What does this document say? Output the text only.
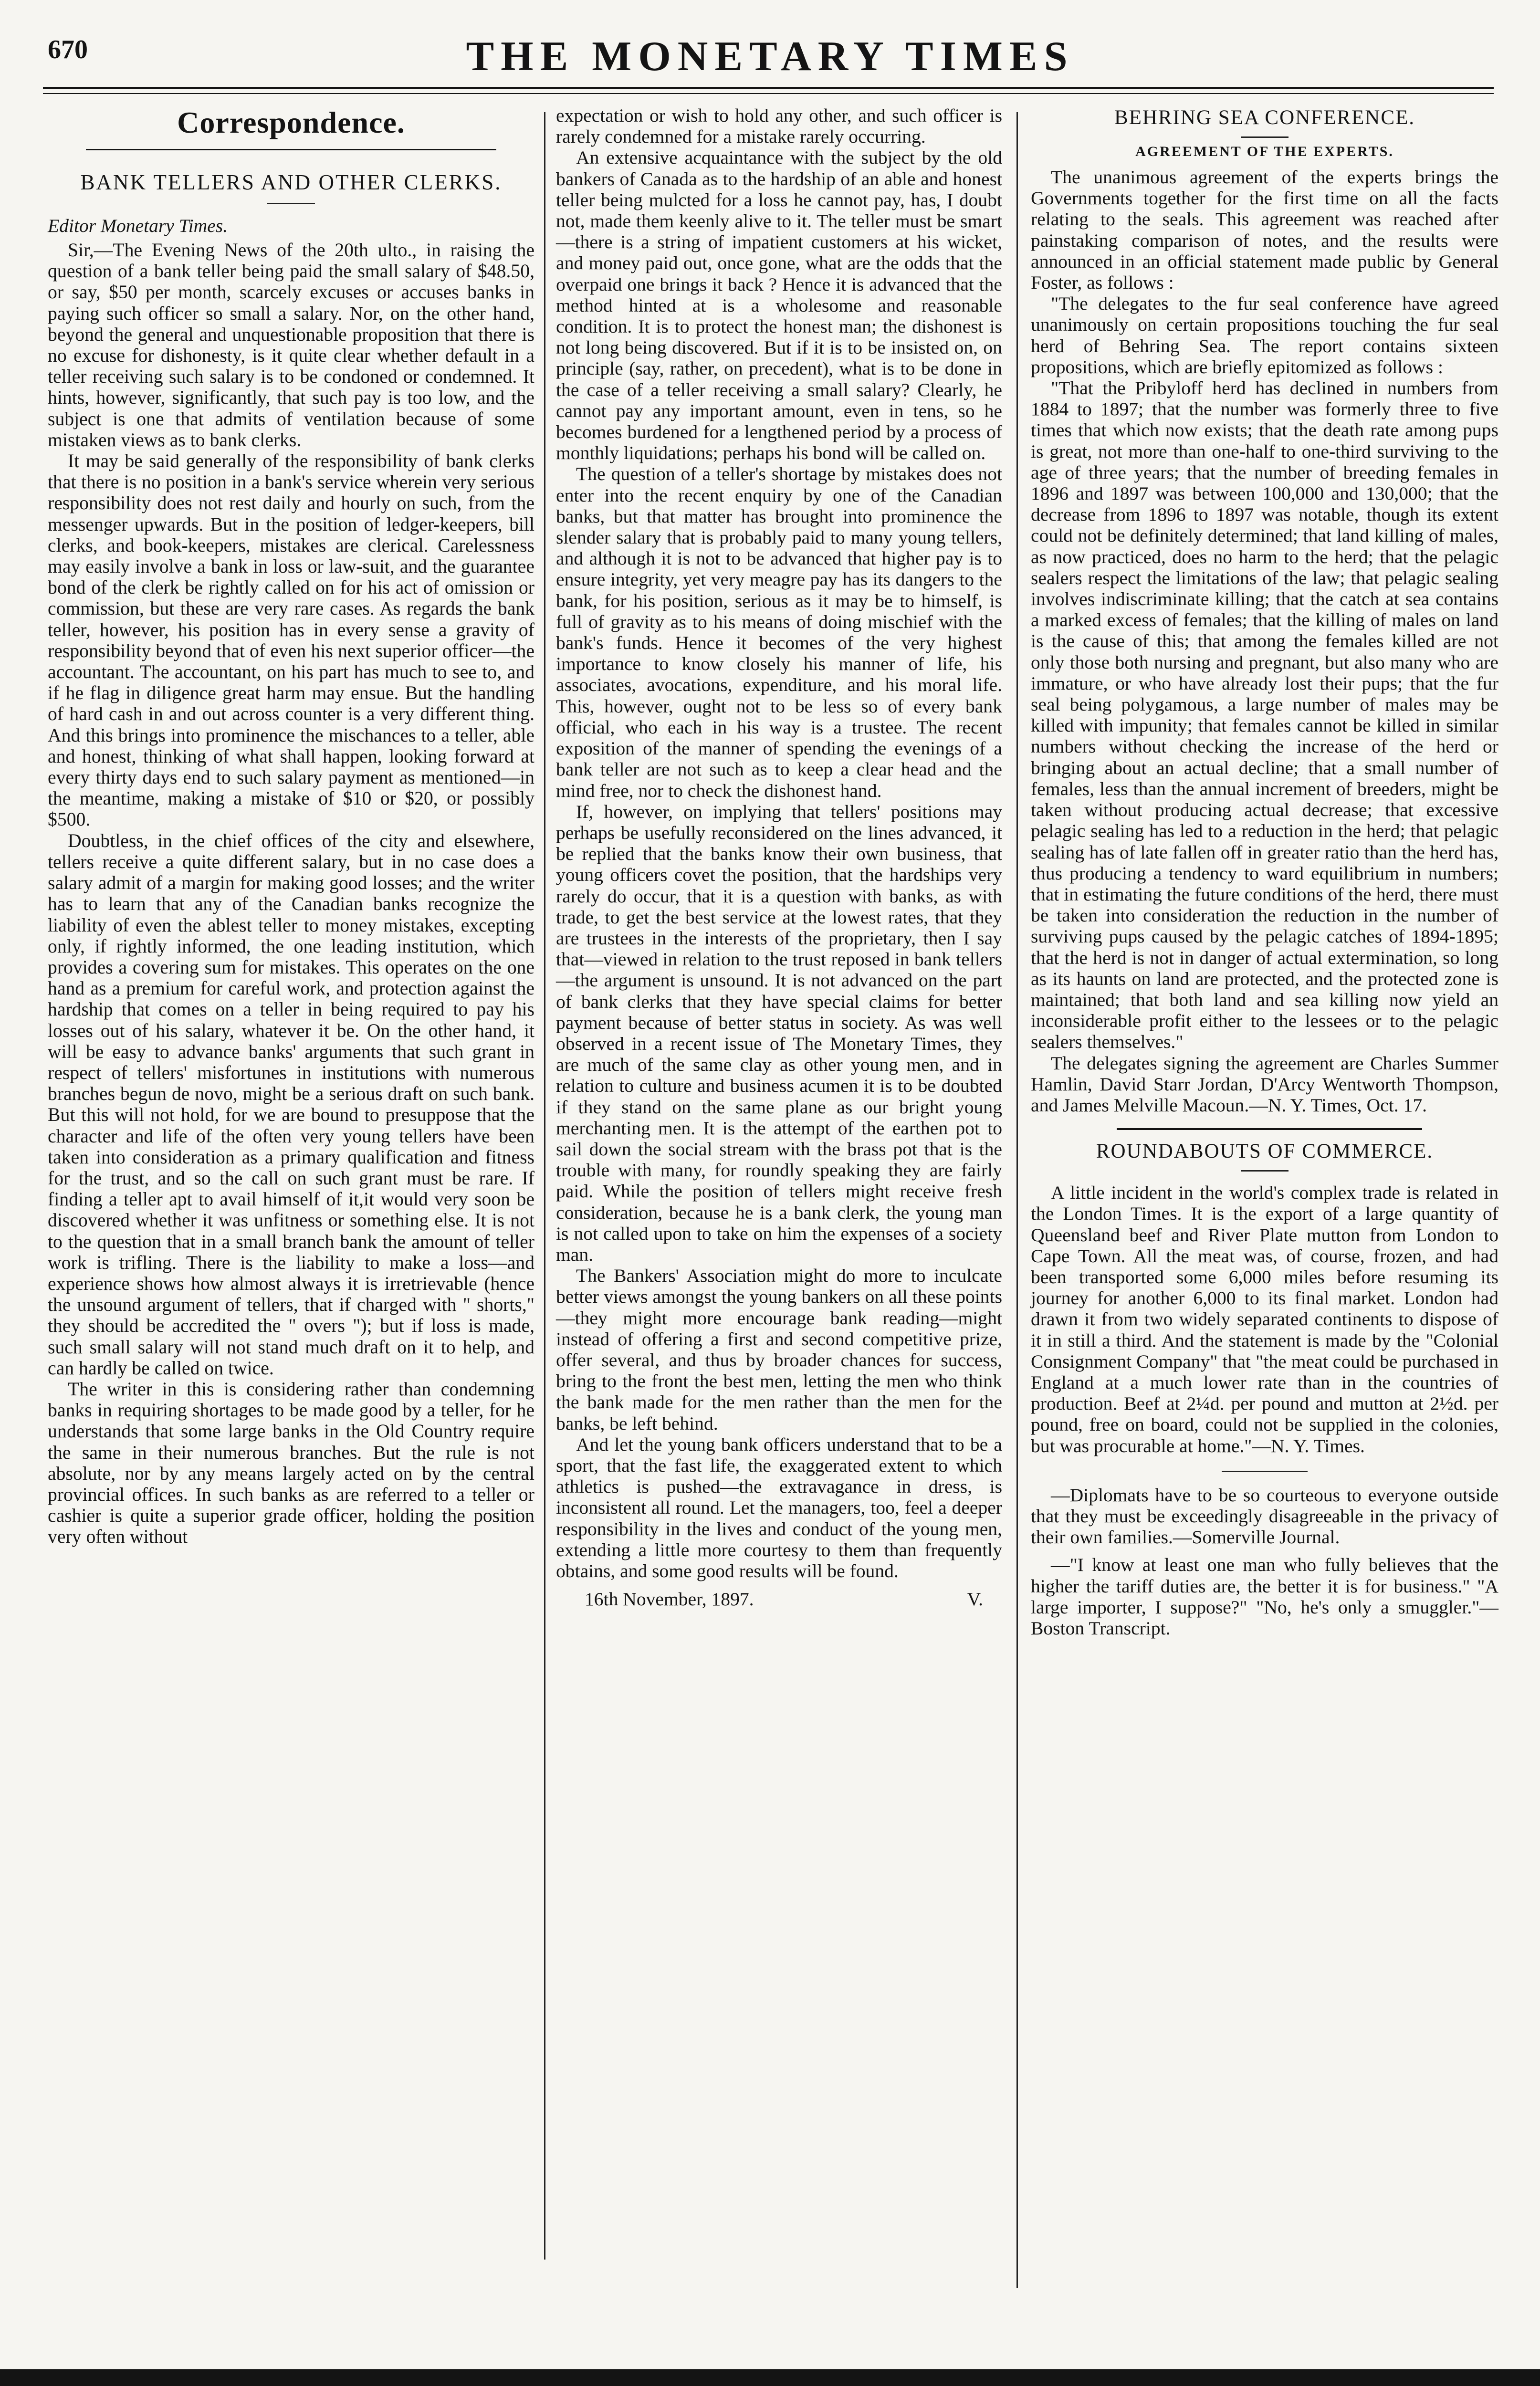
670	THE MONETARY TIMES
Correspondence.
BANK TELLERS AND OTHER CLERKS.
Editor Monetary Times.

Sir,—The Evening News of the 20th ulto., in raising the question of a bank teller being paid the small salary of $48.50, or say, $50 per month, scarcely excuses or accuses banks in paying such officer so small a salary. Nor, on the other hand, beyond the general and unquestionable proposition that there is no excuse for dishonesty, is it quite clear whether default in a teller receiving such salary is to be condoned or condemned. It hints, however, significantly, that such pay is too low, and the subject is one that admits of ventilation because of some mistaken views as to bank clerks.

It may be said generally of the responsibility of bank clerks that there is no position in a bank's service wherein very serious responsibility does not rest daily and hourly on such, from the messenger upwards. But in the position of ledger-keepers, bill clerks, and book-keepers, mistakes are clerical. Carelessness may easily involve a bank in loss or law-suit, and the guarantee bond of the clerk be rightly called on for his act of omission or commission, but these are very rare cases. As regards the bank teller, however, his position has in every sense a gravity of responsibility beyond that of even his next superior officer—the accountant. The accountant, on his part has much to see to, and if he flag in diligence great harm may ensue. But the handling of hard cash in and out across counter is a very different thing. And this brings into prominence the mischances to a teller, able and honest, thinking of what shall happen, looking forward at every thirty days end to such salary payment as mentioned—in the meantime, making a mistake of $10 or $20, or possibly $500.

Doubtless, in the chief offices of the city and elsewhere, tellers receive a quite different salary, but in no case does a salary admit of a margin for making good losses; and the writer has to learn that any of the Canadian banks recognize the liability of even the ablest teller to money mistakes, excepting only, if rightly informed, the one leading institution, which provides a covering sum for mistakes. This operates on the one hand as a premium for careful work, and protection against the hardship that comes on a teller in being required to pay his losses out of his salary, whatever it be. On the other hand, it will be easy to advance banks' arguments that such grant in respect of tellers' misfortunes in institutions with numerous branches begun de novo, might be a serious draft on such bank. But this will not hold, for we are bound to presuppose that the character and life of the often very young tellers have been taken into consideration as a primary qualification and fitness for the trust, and so the call on such grant must be rare. If finding a teller apt to avail himself of it,it would very soon be discovered whether it was unfitness or something else. It is not to the question that in a small branch bank the amount of teller work is trifling. There is the liability to make a loss—and experience shows how almost always it is irretrievable (hence the unsound argument of tellers, that if charged with " shorts," they should be accredited the " overs "); but if loss is made, such small salary will not stand much draft on it to help, and can hardly be called on twice.

The writer in this is considering rather than condemning banks in requiring shortages to be made good by a teller, for he understands that some large banks in the Old Country require the same in their numerous branches. But the rule is not absolute, nor by any means largely acted on by the central provincial offices. In such banks as are referred to a teller or cashier is quite a superior grade officer, holding the position very often without

expectation or wish to hold any other, and such officer is rarely condemned for a mistake rarely occurring.

An extensive acquaintance with the subject by the old bankers of Canada as to the hardship of an able and honest teller being mulcted for a loss he cannot pay, has, I doubt not, made them keenly alive to it. The teller must be smart—there is a string of impatient customers at his wicket, and money paid out, once gone, what are the odds that the overpaid one brings it back ? Hence it is advanced that the method hinted at is a wholesome and reasonable condition. It is to protect the honest man; the dishonest is not long being discovered. But if it is to be insisted on, on principle (say, rather, on precedent), what is to be done in the case of a teller receiving a small salary? Clearly, he cannot pay any important amount, even in tens, so he becomes burdened for a lengthened period by a process of monthly liquidations; perhaps his bond will be called on.

The question of a teller's shortage by mistakes does not enter into the recent enquiry by one of the Canadian banks, but that matter has brought into prominence the slender salary that is probably paid to many young tellers, and although it is not to be advanced that higher pay is to ensure integrity, yet very meagre pay has its dangers to the bank, for his position, serious as it may be to himself, is full of gravity as to his means of doing mischief with the bank's funds. Hence it becomes of the very highest importance to know closely his manner of life, his associates, avocations, expenditure, and his moral life. This, however, ought not to be less so of every bank official, who each in his way is a trustee. The recent exposition of the manner of spending the evenings of a bank teller are not such as to keep a clear head and the mind free, nor to check the dishonest hand.

If, however, on implying that tellers' positions may perhaps be usefully reconsidered on the lines advanced, it be replied that the banks know their own business, that young officers covet the position, that the hardships very rarely do occur, that it is a question with banks, as with trade, to get the best service at the lowest rates, that they are trustees in the interests of the proprietary, then I say that—viewed in relation to the trust reposed in bank tellers—the argument is unsound. It is not advanced on the part of bank clerks that they have special claims for better payment because of better status in society. As was well observed in a recent issue of The Monetary Times, they are much of the same clay as other young men, and in relation to culture and business acumen it is to be doubted if they stand on the same plane as our bright young merchanting men. It is the attempt of the earthen pot to sail down the social stream with the brass pot that is the trouble with many, for roundly speaking they are fairly paid. While the position of tellers might receive fresh consideration, because he is a bank clerk, the young man is not called upon to take on him the expenses of a society man.

The Bankers' Association might do more to inculcate better views amongst the young bankers on all these points—they might more encourage bank reading—might instead of offering a first and second competitive prize, offer several, and thus by broader chances for success, bring to the front the best men, letting the men who think the bank made for the men rather than the men for the banks, be left behind.

And let the young bank officers understand that to be a sport, that the fast life, the exaggerated extent to which athletics is pushed—the extravagance in dress, is inconsistent all round. Let the managers, too, feel a deeper responsibility in the lives and conduct of the young men, extending a little more courtesy to them than frequently obtains, and some good results will be found.

16th November, 1897.	V.
BEHRING SEA CONFERENCE.
AGREEMENT OF THE EXPERTS.

The unanimous agreement of the experts brings the Governments together for the first time on all the facts relating to the seals. This agreement was reached after painstaking comparison of notes, and the results were announced in an official statement made public by General Foster, as follows :

"The delegates to the fur seal conference have agreed unanimously on certain propositions touching the fur seal herd of Behring Sea. The report contains sixteen propositions, which are briefly epitomized as follows :

"That the Pribyloff herd has declined in numbers from 1884 to 1897; that the number was formerly three to five times that which now exists; that the death rate among pups is great, not more than one-half to one-third surviving to the age of three years; that the number of breeding females in 1896 and 1897 was between 100,000 and 130,000; that the decrease from 1896 to 1897 was notable, though its extent could not be definitely determined; that land killing of males, as now practiced, does no harm to the herd; that the pelagic sealers respect the limitations of the law; that pelagic sealing involves indiscriminate killing; that the catch at sea contains a marked excess of females; that the killing of males on land is the cause of this; that among the females killed are not only those both nursing and pregnant, but also many who are immature, or who have already lost their pups; that the fur seal being polygamous, a large number of males may be killed with impunity; that females cannot be killed in similar numbers without checking the increase of the herd or bringing about an actual decline; that a small number of females, less than the annual increment of breeders, might be taken without producing actual decrease; that excessive pelagic sealing has led to a reduction in the herd; that pelagic sealing has of late fallen off in greater ratio than the herd has, thus producing a tendency to ward equilibrium in numbers; that in estimating the future conditions of the herd, there must be taken into consideration the reduction in the number of surviving pups caused by the pelagic catches of 1894-1895; that the herd is not in danger of actual extermination, so long as its haunts on land are protected, and the protected zone is maintained; that both land and sea killing now yield an inconsiderable profit either to the lessees or to the pelagic sealers themselves."

The delegates signing the agreement are Charles Summer Hamlin, David Starr Jordan, D'Arcy Wentworth Thompson, and James Melville Macoun.—N. Y. Times, Oct. 17.

ROUNDABOUTS OF COMMERCE.

A little incident in the world's complex trade is related in the London Times. It is the export of a large quantity of Queensland beef and River Plate mutton from London to Cape Town. All the meat was, of course, frozen, and had been transported some 6,000 miles before resuming its journey for another 6,000 to its final market. London had drawn it from two widely separated continents to dispose of it in still a third. And the statement is made by the "Colonial Consignment Company" that "the meat could be purchased in England at a much lower rate than in the countries of production. Beef at 2¼d. per pound and mutton at 2½d. per pound, free on board, could not be supplied in the colonies, but was procurable at home."—N. Y. Times.

—Diplomats have to be so courteous to everyone outside that they must be exceedingly disagreeable in the privacy of their own families.—Somerville Journal.

—"I know at least one man who fully believes that the higher the tariff duties are, the better it is for business." "A large importer, I suppose?" "No, he's only a smuggler."—Boston Transcript.
